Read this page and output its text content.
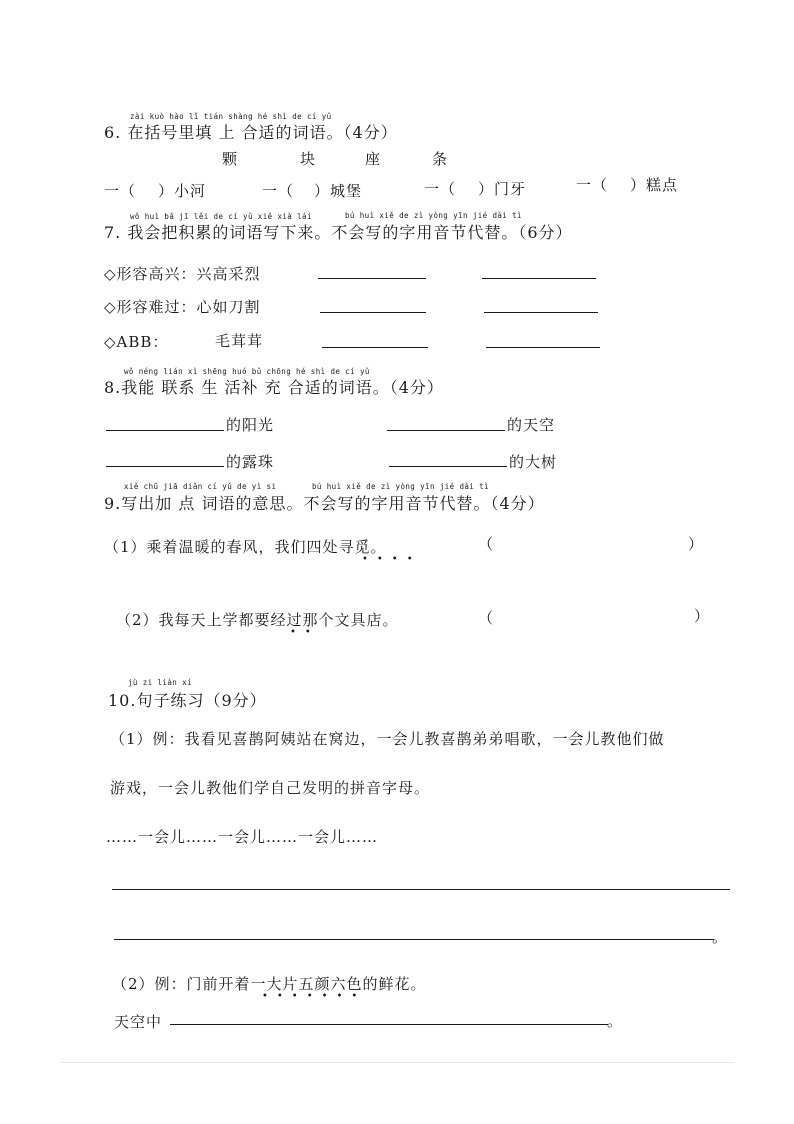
zài kuò hào lǐ tián shàng hé shì de cí yǔ
6. 在括号里填 上 合适的词语。（4分）
颗	块	座	条
一（ ）小河	一（ ）城堡	一（ ）门牙	一（ ）糕点
wǒ huì bǎ jī lěi de cí yǔ xiě xià lái	bú huì xiě de zì yòng yīn jié dài tì
7. 我会把积累的词语写下来。不会写的字用音节代替。（6分）
◇形容高兴：兴高采烈
◇形容难过：心如刀割
◇ABB：	毛茸茸
wǒ néng lián xì shēng huó bǔ chōng hé shì de cí yǔ
8.我能 联系 生 活补 充 合适的词语。（4分）
的阳光	的天空
的露珠	的大树
xiě chū jiā diǎn cí yǔ de yì si	bú huì xiě de zì yòng yīn jié dài tì
9.写出加 点 词语的意思。不会写的字用音节代替。（4分）
（1）乘着温暖的春风，我们四处寻觅。
••••
（	）
（2）我每天上学都要经过那个文具店。
••
（	）
jù zi liàn xí
10.句子练习（9分）
（1）例：我看见喜鹊阿姨站在窝边，一会儿教喜鹊弟弟唱歌，一会儿教他们做
游戏，一会儿教他们学自己发明的拼音字母。
……一会儿……一会儿……一会儿……
。
（2）例：门前开着一大片五颜六色的鲜花。
•••••••
天空中	。
